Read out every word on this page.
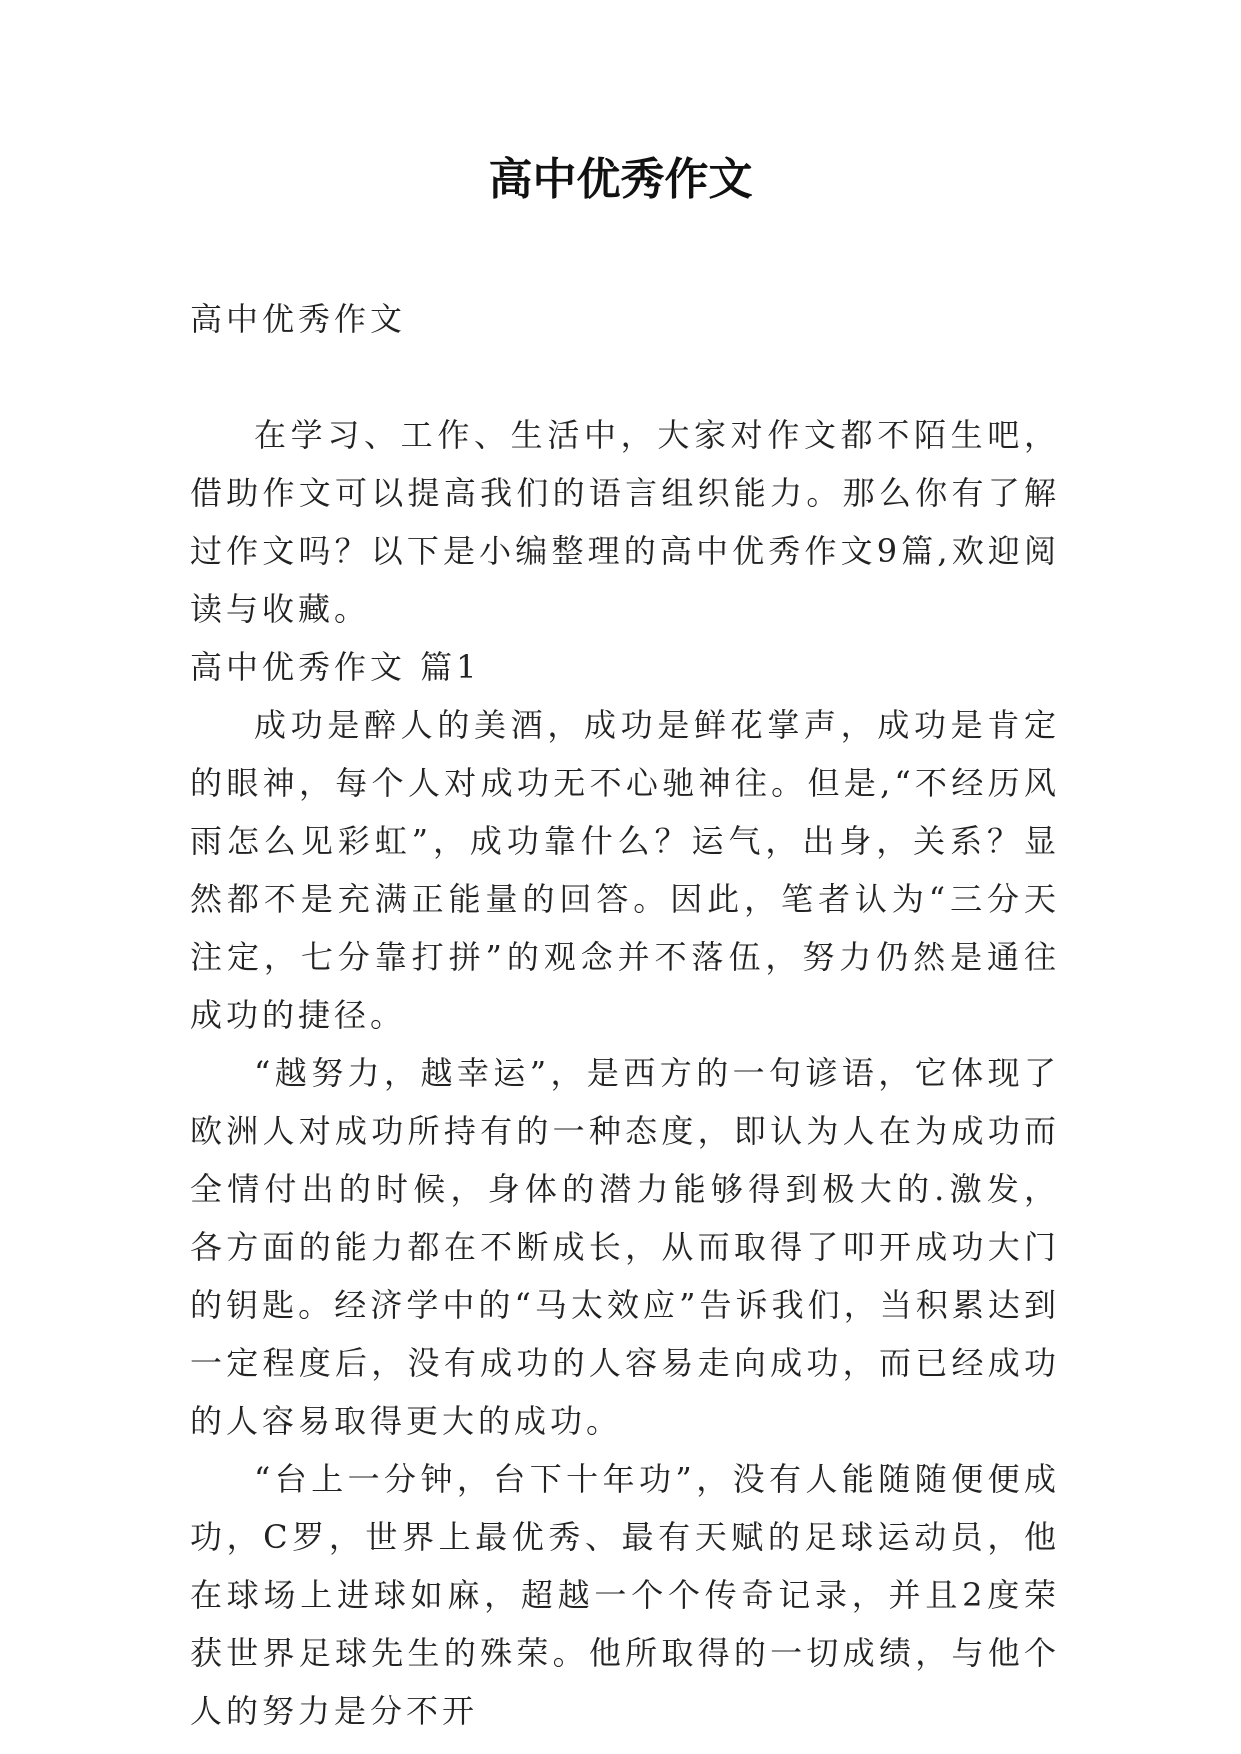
高中优秀作文

高中优秀作文

在学习、工作、生活中，大家对作文都不陌生吧，借助作文可以提高我们的语言组织能力。那么你有了解过作文吗？以下是小编整理的高中优秀作文9篇,欢迎阅读与收藏。

高中优秀作文 篇1

成功是醉人的美酒，成功是鲜花掌声，成功是肯定的眼神，每个人对成功无不心驰神往。但是,“不经历风雨怎么见彩虹”，成功靠什么？运气，出身，关系？显然都不是充满正能量的回答。因此，笔者认为“三分天注定，七分靠打拼”的观念并不落伍，努力仍然是通往成功的捷径。

“越努力，越幸运”，是西方的一句谚语，它体现了欧洲人对成功所持有的一种态度，即认为人在为成功而全情付出的时候，身体的潜力能够得到极大的.激发，各方面的能力都在不断成长，从而取得了叩开成功大门的钥匙。经济学中的“马太效应”告诉我们，当积累达到一定程度后，没有成功的人容易走向成功，而已经成功的人容易取得更大的成功。

“台上一分钟，台下十年功”，没有人能随随便便成功，C罗，世界上最优秀、最有天赋的足球运动员，他在球场上进球如麻，超越一个个传奇记录，并且2度荣获世界足球先生的殊荣。他所取得的一切成绩，与他个人的努力是分不开
